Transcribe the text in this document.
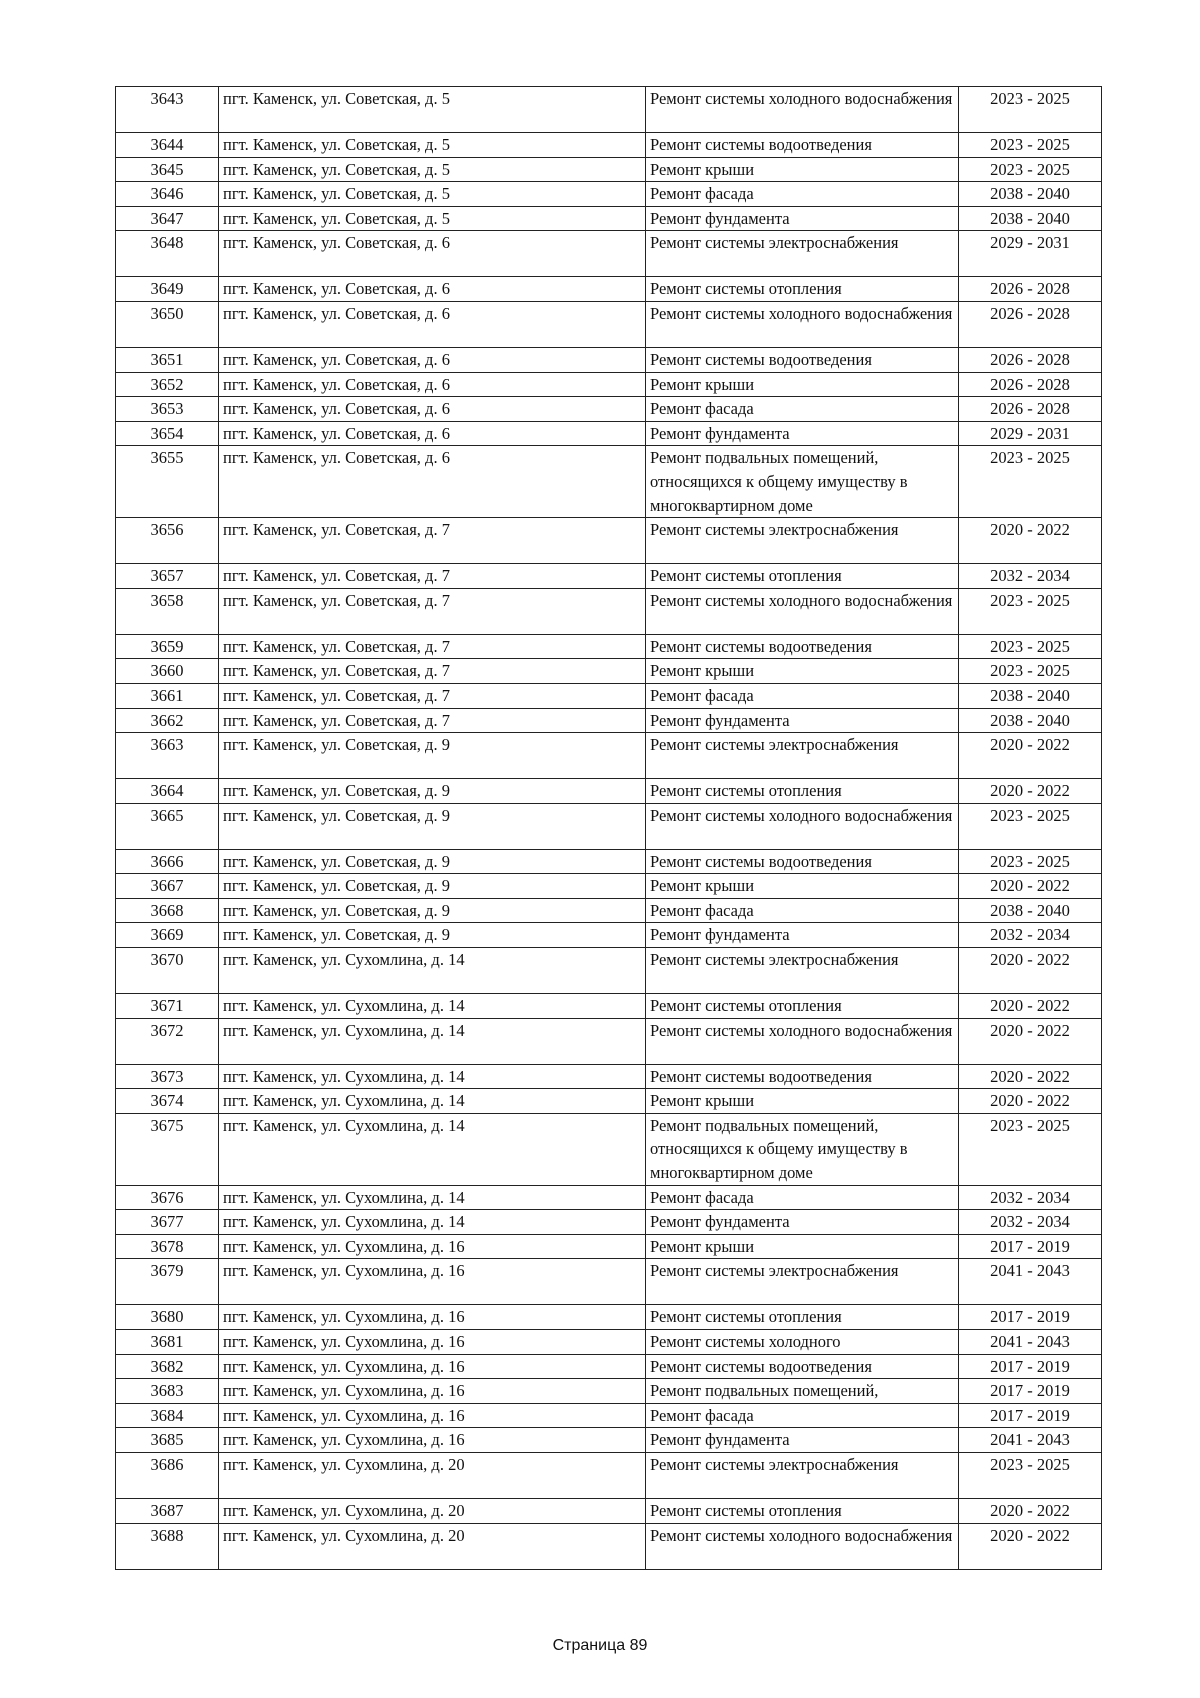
3643	пгт. Каменск, ул. Советская, д. 5	Ремонт системы холодного водоснабжения	2023 - 2025
3644	пгт. Каменск, ул. Советская, д. 5	Ремонт системы водоотведения	2023 - 2025
3645	пгт. Каменск, ул. Советская, д. 5	Ремонт крыши	2023 - 2025
3646	пгт. Каменск, ул. Советская, д. 5	Ремонт фасада	2038 - 2040
3647	пгт. Каменск, ул. Советская, д. 5	Ремонт фундамента	2038 - 2040
3648	пгт. Каменск, ул. Советская, д. 6	Ремонт системы электроснабжения	2029 - 2031
3649	пгт. Каменск, ул. Советская, д. 6	Ремонт системы отопления	2026 - 2028
3650	пгт. Каменск, ул. Советская, д. 6	Ремонт системы холодного водоснабжения	2026 - 2028
3651	пгт. Каменск, ул. Советская, д. 6	Ремонт системы водоотведения	2026 - 2028
3652	пгт. Каменск, ул. Советская, д. 6	Ремонт крыши	2026 - 2028
3653	пгт. Каменск, ул. Советская, д. 6	Ремонт фасада	2026 - 2028
3654	пгт. Каменск, ул. Советская, д. 6	Ремонт фундамента	2029 - 2031
3655	пгт. Каменск, ул. Советская, д. 6	Ремонт подвальных помещений, относящихся к общему имуществу в многоквартирном доме	2023 - 2025
3656	пгт. Каменск, ул. Советская, д. 7	Ремонт системы электроснабжения	2020 - 2022
3657	пгт. Каменск, ул. Советская, д. 7	Ремонт системы отопления	2032 - 2034
3658	пгт. Каменск, ул. Советская, д. 7	Ремонт системы холодного водоснабжения	2023 - 2025
3659	пгт. Каменск, ул. Советская, д. 7	Ремонт системы водоотведения	2023 - 2025
3660	пгт. Каменск, ул. Советская, д. 7	Ремонт крыши	2023 - 2025
3661	пгт. Каменск, ул. Советская, д. 7	Ремонт фасада	2038 - 2040
3662	пгт. Каменск, ул. Советская, д. 7	Ремонт фундамента	2038 - 2040
3663	пгт. Каменск, ул. Советская, д. 9	Ремонт системы электроснабжения	2020 - 2022
3664	пгт. Каменск, ул. Советская, д. 9	Ремонт системы отопления	2020 - 2022
3665	пгт. Каменск, ул. Советская, д. 9	Ремонт системы холодного водоснабжения	2023 - 2025
3666	пгт. Каменск, ул. Советская, д. 9	Ремонт системы водоотведения	2023 - 2025
3667	пгт. Каменск, ул. Советская, д. 9	Ремонт крыши	2020 - 2022
3668	пгт. Каменск, ул. Советская, д. 9	Ремонт фасада	2038 - 2040
3669	пгт. Каменск, ул. Советская, д. 9	Ремонт фундамента	2032 - 2034
3670	пгт. Каменск, ул. Сухомлина, д. 14	Ремонт системы электроснабжения	2020 - 2022
3671	пгт. Каменск, ул. Сухомлина, д. 14	Ремонт системы отопления	2020 - 2022
3672	пгт. Каменск, ул. Сухомлина, д. 14	Ремонт системы холодного водоснабжения	2020 - 2022
3673	пгт. Каменск, ул. Сухомлина, д. 14	Ремонт системы водоотведения	2020 - 2022
3674	пгт. Каменск, ул. Сухомлина, д. 14	Ремонт крыши	2020 - 2022
3675	пгт. Каменск, ул. Сухомлина, д. 14	Ремонт подвальных помещений, относящихся к общему имуществу в многоквартирном доме	2023 - 2025
3676	пгт. Каменск, ул. Сухомлина, д. 14	Ремонт фасада	2032 - 2034
3677	пгт. Каменск, ул. Сухомлина, д. 14	Ремонт фундамента	2032 - 2034
3678	пгт. Каменск, ул. Сухомлина, д. 16	Ремонт крыши	2017 - 2019
3679	пгт. Каменск, ул. Сухомлина, д. 16	Ремонт системы электроснабжения	2041 - 2043
3680	пгт. Каменск, ул. Сухомлина, д. 16	Ремонт системы отопления	2017 - 2019
3681	пгт. Каменск, ул. Сухомлина, д. 16	Ремонт системы холодного	2041 - 2043
3682	пгт. Каменск, ул. Сухомлина, д. 16	Ремонт системы водоотведения	2017 - 2019
3683	пгт. Каменск, ул. Сухомлина, д. 16	Ремонт подвальных помещений,	2017 - 2019
3684	пгт. Каменск, ул. Сухомлина, д. 16	Ремонт фасада	2017 - 2019
3685	пгт. Каменск, ул. Сухомлина, д. 16	Ремонт фундамента	2041 - 2043
3686	пгт. Каменск, ул. Сухомлина, д. 20	Ремонт системы электроснабжения	2023 - 2025
3687	пгт. Каменск, ул. Сухомлина, д. 20	Ремонт системы отопления	2020 - 2022
3688	пгт. Каменск, ул. Сухомлина, д. 20	Ремонт системы холодного водоснабжения	2020 - 2022
Страница 89
